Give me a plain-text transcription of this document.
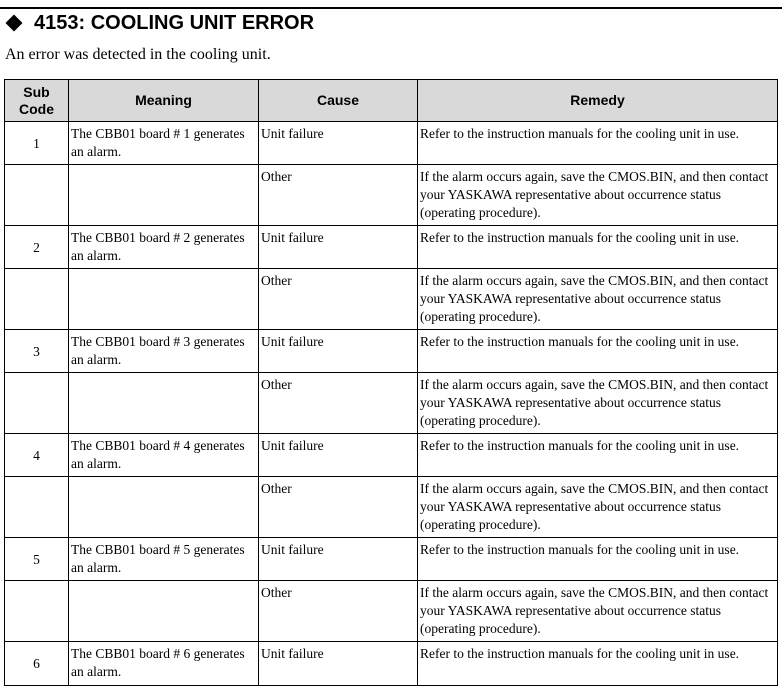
4153: COOLING UNIT ERROR
An error was detected in the cooling unit.
Sub Code	Meaning	Cause	Remedy
1	The CBB01 board # 1 generates an alarm.	Unit failure	Refer to the instruction manuals for the cooling unit in use.
		Other	If the alarm occurs again, save the CMOS.BIN, and then contact your YASKAWA representative about occurrence status (operating procedure).
2	The CBB01 board # 2 generates an alarm.	Unit failure	Refer to the instruction manuals for the cooling unit in use.
		Other	If the alarm occurs again, save the CMOS.BIN, and then contact your YASKAWA representative about occurrence status (operating procedure).
3	The CBB01 board # 3 generates an alarm.	Unit failure	Refer to the instruction manuals for the cooling unit in use.
		Other	If the alarm occurs again, save the CMOS.BIN, and then contact your YASKAWA representative about occurrence status (operating procedure).
4	The CBB01 board # 4 generates an alarm.	Unit failure	Refer to the instruction manuals for the cooling unit in use.
		Other	If the alarm occurs again, save the CMOS.BIN, and then contact your YASKAWA representative about occurrence status (operating procedure).
5	The CBB01 board # 5 generates an alarm.	Unit failure	Refer to the instruction manuals for the cooling unit in use.
		Other	If the alarm occurs again, save the CMOS.BIN, and then contact your YASKAWA representative about occurrence status (operating procedure).
6	The CBB01 board # 6 generates an alarm.	Unit failure	Refer to the instruction manuals for the cooling unit in use.
